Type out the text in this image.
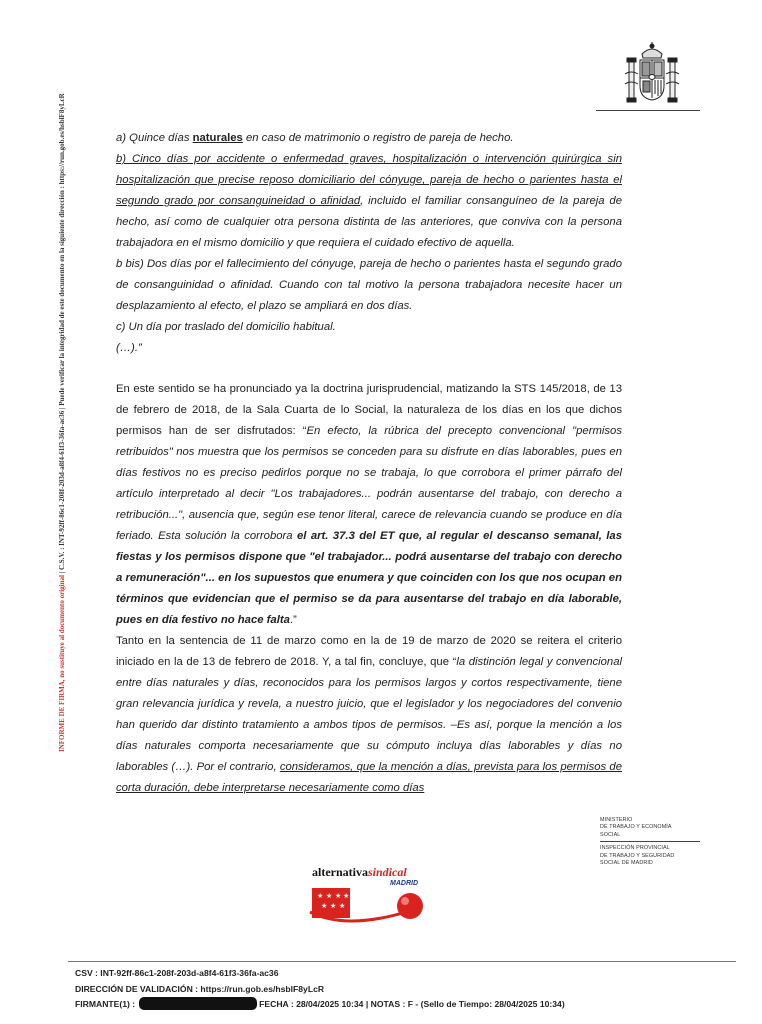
INFORME DE FIRMA, no sustituye al documento original | C.S.V. : INT-92ff-86c1-208f-203d-a8f4-61f3-36fa-ac36 | Puede verificar la integridad de este documento en la siguiente dirección : https://run.gob.es/hsblF8yLcR	a) Quince días naturales en caso de matrimonio o registro de pareja de hecho.

b) Cinco días por accidente o enfermedad graves, hospitalización o intervención quirúrgica sin hospitalización que precise reposo domiciliario del cónyuge, pareja de hecho o parientes hasta el segundo grado por consanguineidad o afinidad, incluido el familiar consanguíneo de la pareja de hecho, así como de cualquier otra persona distinta de las anteriores, que conviva con la persona trabajadora en el mismo domicilio y que requiera el cuidado efectivo de aquella.

b bis) Dos días por el fallecimiento del cónyuge, pareja de hecho o parientes hasta el segundo grado de consanguinidad o afinidad. Cuando con tal motivo la persona trabajadora necesite hacer un desplazamiento al efecto, el plazo se ampliará en dos días.

c) Un día por traslado del domicilio habitual.

(…).”

En este sentido se ha pronunciado ya la doctrina jurisprudencial, matizando la STS 145/2018, de 13 de febrero de 2018, de la Sala Cuarta de lo Social, la naturaleza de los días en los que dichos permisos han de ser disfrutados: “En efecto, la rúbrica del precepto convencional "permisos retribuidos" nos muestra que los permisos se conceden para su disfrute en días laborables, pues en días festivos no es preciso pedirlos porque no se trabaja, lo que corrobora el primer párrafo del artículo interpretado al decir "Los trabajadores... podrán ausentarse del trabajo, con derecho a retribución...", ausencia que, según ese tenor literal, carece de relevancia cuando se produce en día feriado. Esta solución la corrobora el art. 37.3 del ET que, al regular el descanso semanal, las fiestas y los permisos dispone que "el trabajador... podrá ausentarse del trabajo con derecho a remuneración"... en los supuestos que enumera y que coinciden con los que nos ocupan en términos que evidencian que el permiso se da para ausentarse del trabajo en día laborable, pues en día festivo no hace falta.”

Tanto en la sentencia de 11 de marzo como en la de 19 de marzo de 2020 se reitera el criterio iniciado en la de 13 de febrero de 2018. Y, a tal fin, concluye, que “la distinción legal y convencional entre días naturales y días, reconocidos para los permisos largos y cortos respectivamente, tiene gran relevancia jurídica y revela, a nuestro juicio, que el legislador y los negociadores del convenio han querido dar distinto tratamiento a ambos tipos de permisos. –Es así, porque la mención a los días naturales comporta necesariamente que su cómputo incluya días laborables y días no laborables (…). Por el contrario, consideramos, que la mención a días, prevista para los permisos de corta duración, debe interpretarse necesariamente como días

MINISTERIO
DE TRABAJO Y ECONOMÍA
SOCIAL
INSPECCIÓN PROVINCIAL
DE TRABAJO Y SEGURIDAD
SOCIAL DE MADRID
alternativa sindical
MADRID
★ ★ ★ ★
★ ★ ★
CSV : INT-92ff-86c1-208f-203d-a8f4-61f3-36fa-ac36
DIRECCIÓN DE VALIDACIÓN : https://run.gob.es/hsblF8yLcR
FIRMANTE(1) :	FECHA : 28/04/2025 10:34 | NOTAS : F - (Sello de Tiempo: 28/04/2025 10:34)
